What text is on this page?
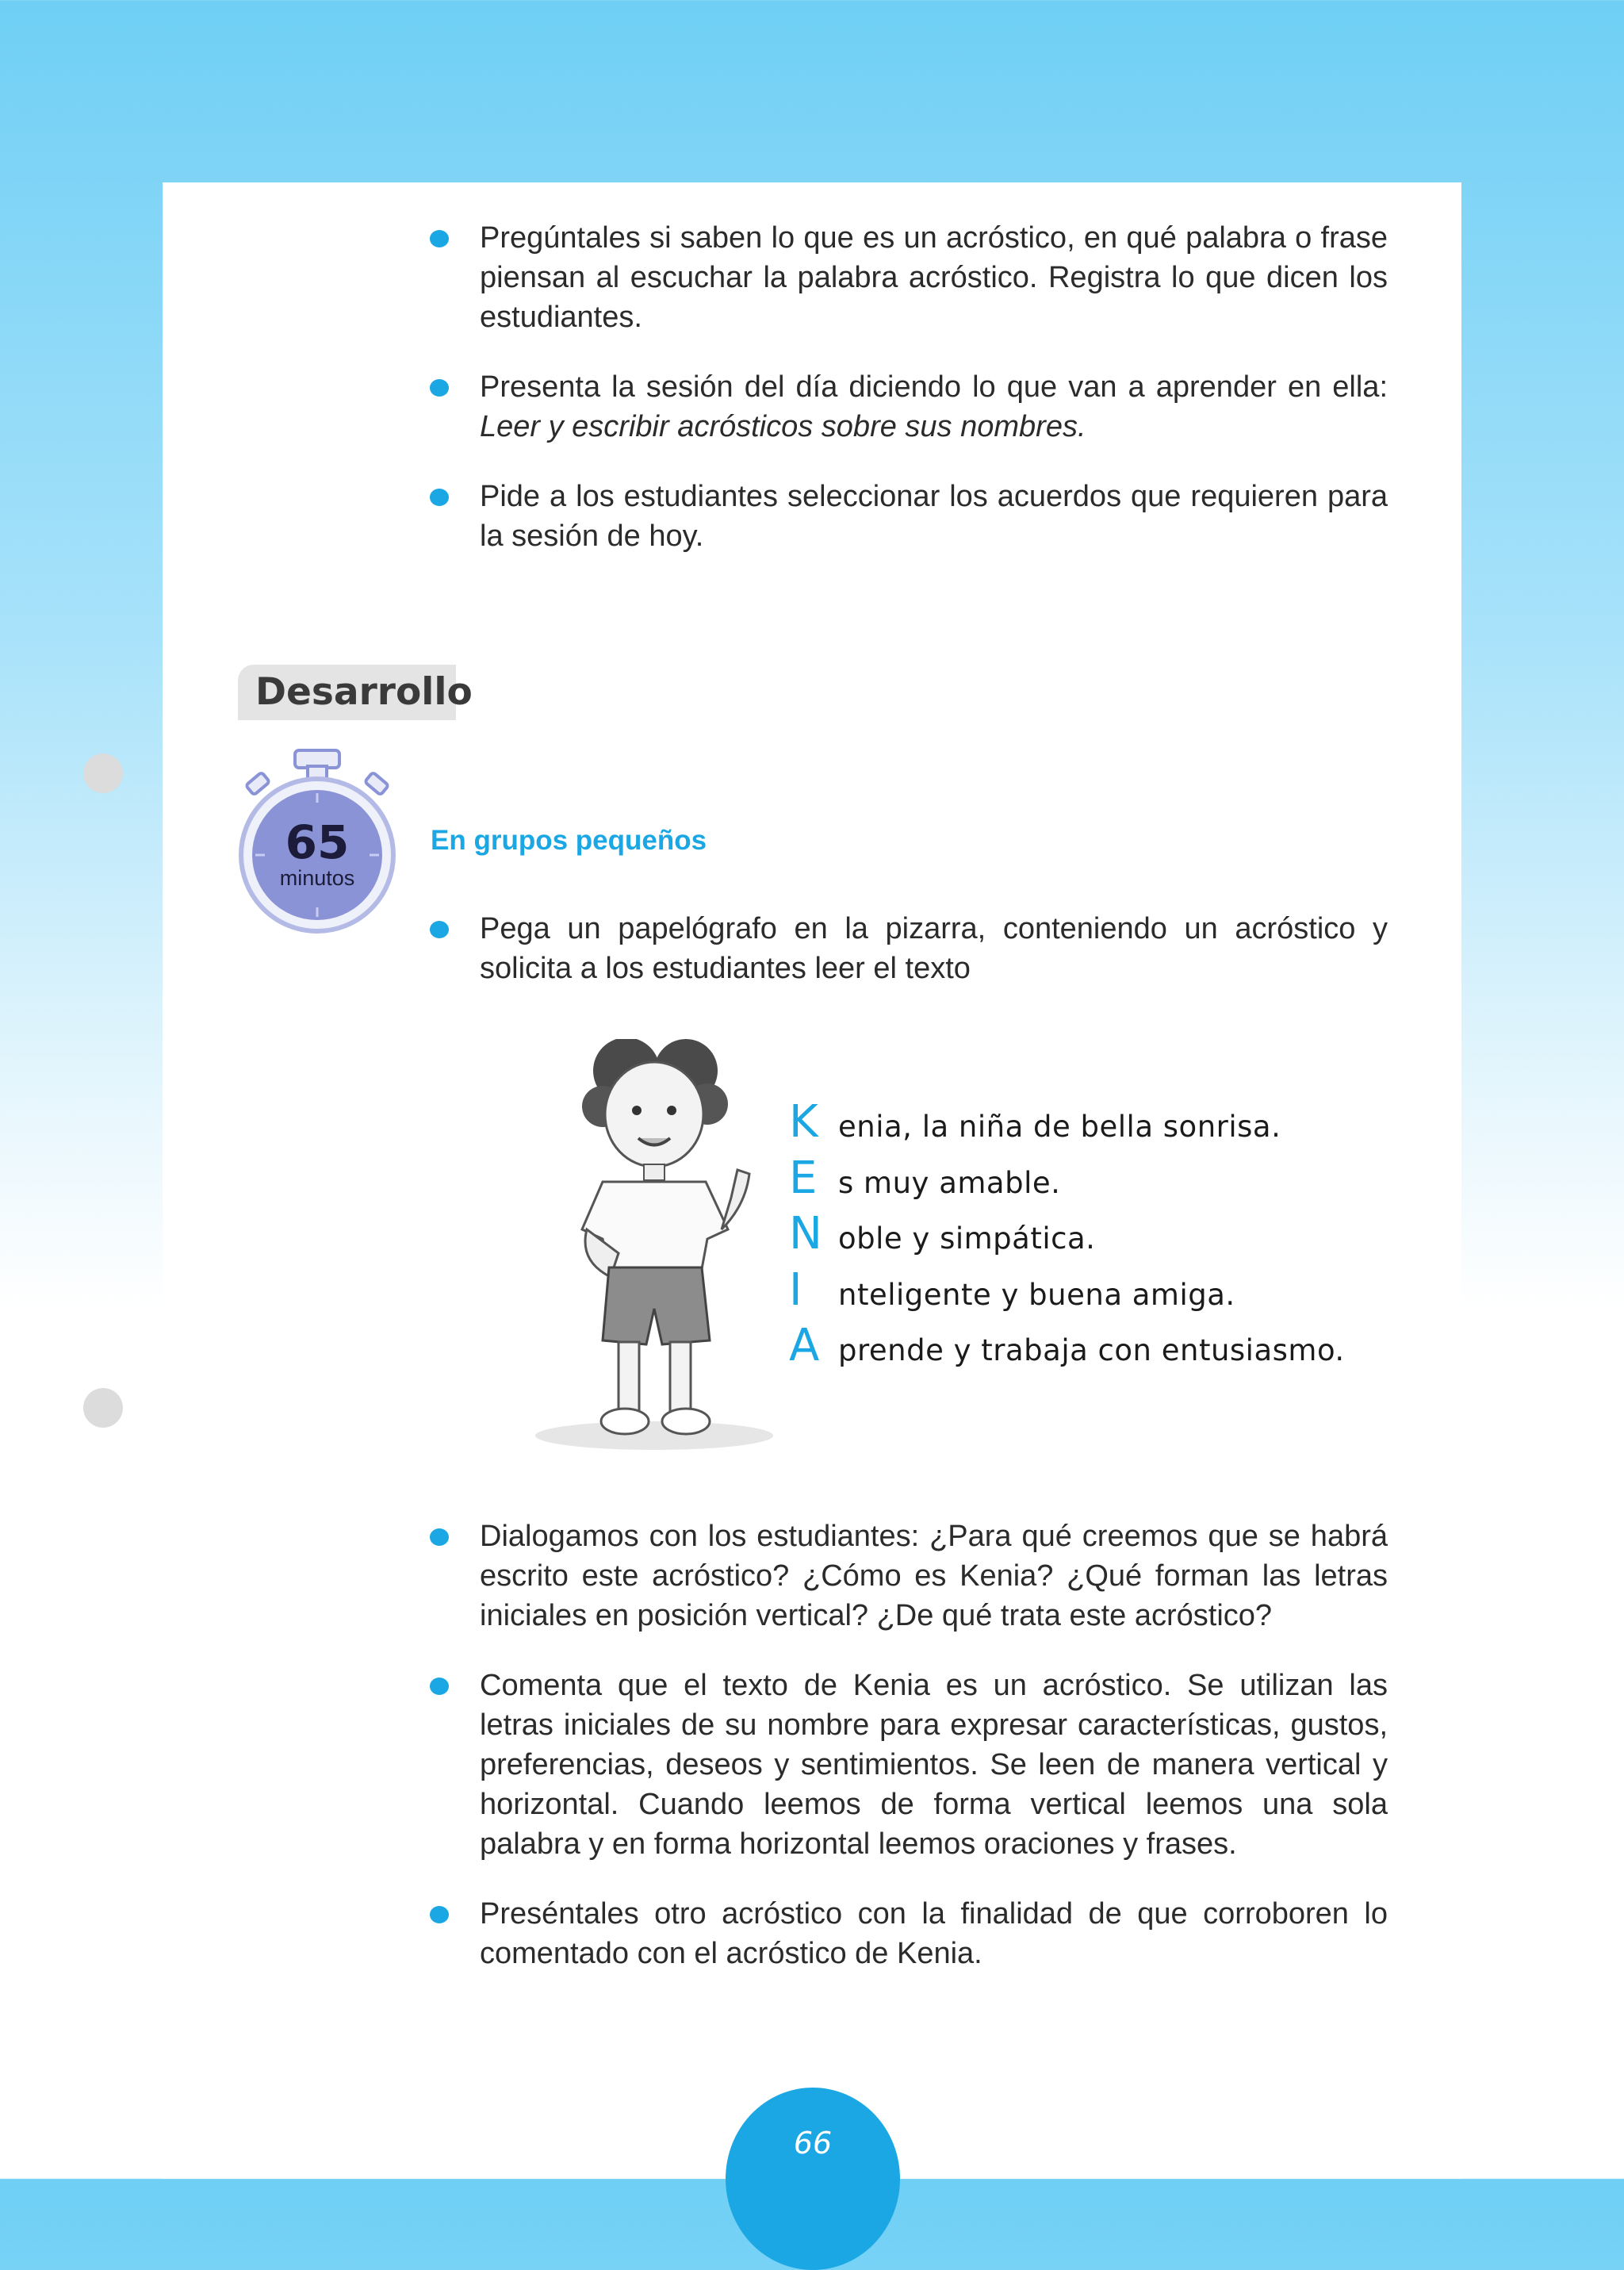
Pregúntales si saben lo que es un acróstico, en qué palabra o frase piensan al escuchar la palabra acróstico. Registra lo que dicen los estudiantes.
Presenta la sesión del día diciendo lo que van a aprender en ella: Leer y escribir acrósticos sobre sus nombres.
Pide a los estudiantes seleccionar los acuerdos que requieren para la sesión de hoy.
Desarrollo
65
minutos
En grupos pequeños
Pega un papelógrafo en la pizarra, conteniendo un acróstico y solicita a los estudiantes leer el texto
K enia, la niña de bella sonrisa.
E s muy amable.
N oble y simpática.
I	nteligente y buena amiga.
A prende y trabaja con entusiasmo.
Dialogamos con los estudiantes: ¿Para qué creemos que se habrá escrito este acróstico? ¿Cómo es Kenia? ¿Qué forman las letras iniciales en posición vertical? ¿De qué trata este acróstico?
Comenta que el texto de Kenia es un acróstico. Se utilizan las letras iniciales de su nombre para expresar características, gustos, preferencias, deseos y sentimientos. Se leen de manera vertical y horizontal. Cuando leemos de forma vertical leemos una sola palabra y en forma horizontal leemos oraciones y frases.
Preséntales otro acróstico con la finalidad de que corroboren lo comentado con el acróstico de Kenia.
66
